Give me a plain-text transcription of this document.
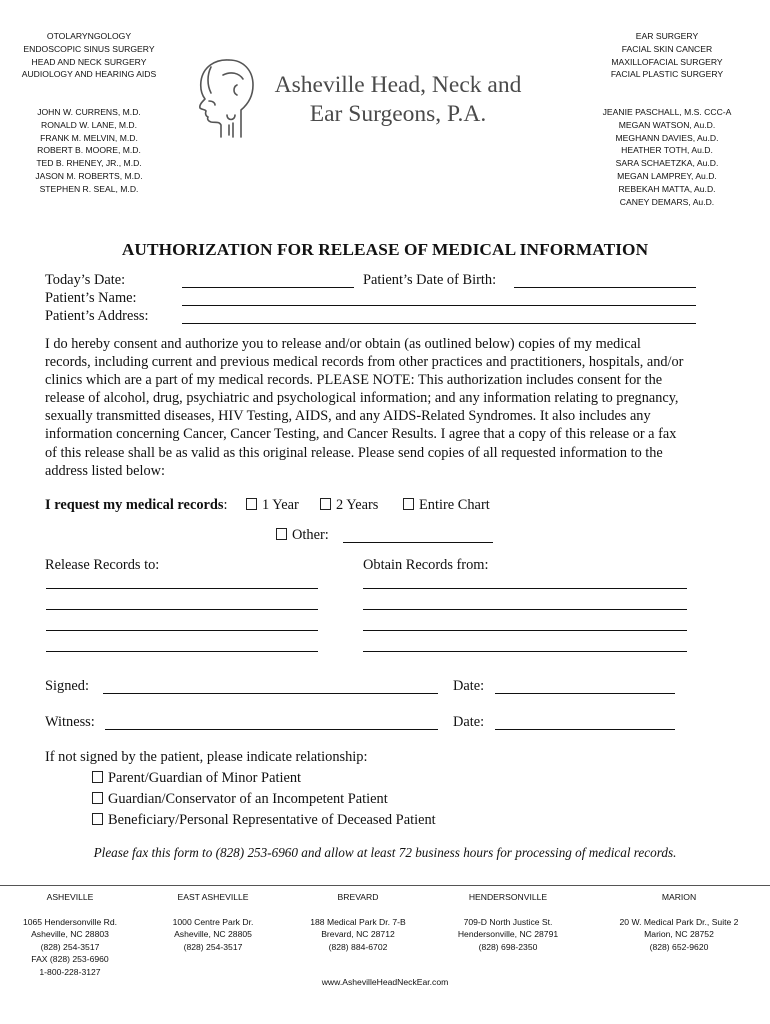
OTOLARYNGOLOGY
ENDOSCOPIC SINUS SURGERY
HEAD AND NECK SURGERY
AUDIOLOGY AND HEARING AIDS
JOHN W. CURRENS, M.D.
RONALD W. LANE, M.D.
FRANK M. MELVIN, M.D.
ROBERT B. MOORE, M.D.
TED B. RHENEY, JR., M.D.
JASON M. ROBERTS, M.D.
STEPHEN R. SEAL, M.D.
Asheville Head, Neck and
Ear Surgeons, P.A.
EAR SURGERY
FACIAL SKIN CANCER
MAXILLOFACIAL SURGERY
FACIAL PLASTIC SURGERY
JEANIE PASCHALL, M.S. CCC-A
MEGAN WATSON, Au.D.
MEGHANN DAVIES, Au.D.
HEATHER TOTH, Au.D.
SARA SCHAETZKA, Au.D.
MEGAN LAMPREY, Au.D.
REBEKAH MATTA, Au.D.
CANEY DEMARS, Au.D.
AUTHORIZATION FOR RELEASE OF MEDICAL INFORMATION
Today’s Date:	Patient’s Date of Birth:
Patient’s Name:
Patient’s Address:
I do hereby consent and authorize you to release and/or obtain (as outlined below) copies of my medical
records, including current and previous medical records from other practices and practitioners, hospitals, and/or
clinics which are a part of my medical records. PLEASE NOTE: This authorization includes consent for the
release of alcohol, drug, psychiatric and psychological information; and any information relating to pregnancy,
sexually transmitted diseases, HIV Testing, AIDS, and any AIDS-Related Syndromes. It also includes any
information concerning Cancer, Cancer Testing, and Cancer Results. I agree that a copy of this release or a fax
of this release shall be as valid as this original release. Please send copies of all requested information to the
address listed below:
I request my medical records:	1 Year	2 Years	Entire Chart
Other:
Release Records to:	Obtain Records from:
Signed:	Date:
Witness:	Date:
If not signed by the patient, please indicate relationship:
Parent/Guardian of Minor Patient
Guardian/Conservator of an Incompetent Patient
Beneficiary/Personal Representative of Deceased Patient
Please fax this form to (828) 253-6960 and allow at least 72 business hours for processing of medical records.
ASHEVILLE
1065 Hendersonville Rd.
Asheville, NC 28803
(828) 254-3517
FAX (828) 253-6960
1-800-228-3127
EAST ASHEVILLE
1000 Centre Park Dr.
Asheville, NC 28805
(828) 254-3517
BREVARD
188 Medical Park Dr. 7-B
Brevard, NC 28712
(828) 884-6702
HENDERSONVILLE
709-D North Justice St.
Hendersonville, NC 28791
(828) 698-2350
MARION
20 W. Medical Park Dr., Suite 2
Marion, NC 28752
(828) 652-9620
www.AshevilleHeadNeckEar.com
